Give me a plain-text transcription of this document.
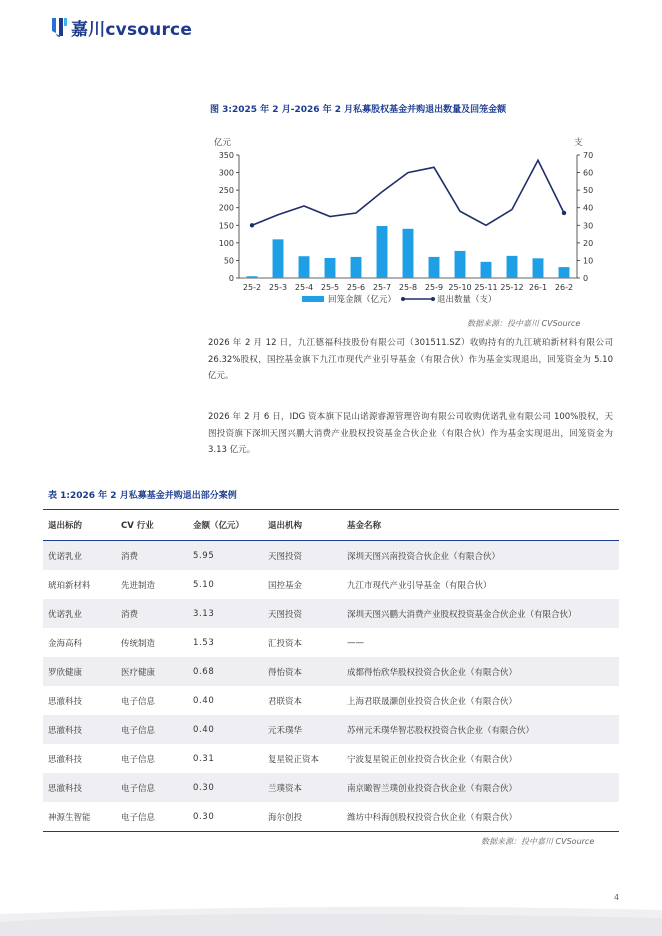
嘉川cvsource
图 3:2025 年 2 月-2026 年 2 月私募股权基金并购退出数量及回笼金额
亿元	支
0
50
100
150
200
250
300
350
0
10
20
30
40
50
60
70
25-2 25-3 25-4 25-5 25-6 25-7 25-8 25-9 25-10 25-11 25-12 26-1 26-2
回笼金额（亿元）	退出数量（支）
数据来源：投中嘉川 CVSource
2026 年 2 月 12 日，九江德福科技股份有限公司（301511.SZ）收购持有的九江琥珀新材料有限公司 26.32%股权，国控基金旗下九江市现代产业引导基金（有限合伙）作为基金实现退出，回笼资金为 5.10 亿元。
2026 年 2 月 6 日，IDG 资本旗下昆山诺源睿源管理咨询有限公司收购优诺乳业有限公司 100%股权，天图投资旗下深圳天图兴鹏大消费产业股权投资基金合伙企业（有限合伙）作为基金实现退出，回笼资金为 3.13 亿元。
表 1:2026 年 2 月私募基金并购退出部分案例
退出标的	CV 行业	金额（亿元）	退出机构	基金名称
优诺乳业	消费	5.95	天图投资	深圳天图兴南投资合伙企业（有限合伙）
琥珀新材料	先进制造	5.10	国控基金	九江市现代产业引导基金（有限合伙）
优诺乳业	消费	3.13	天图投资	深圳天图兴鹏大消费产业股权投资基金合伙企业（有限合伙）
金海高科	传统制造	1.53	汇投资本	——
罗欣健康	医疗健康	0.68	得怡资本	成都得怡欣华股权投资合伙企业（有限合伙）
思澈科技	电子信息	0.40	君联资本	上海君联晟灏创业投资合伙企业（有限合伙）
思澈科技	电子信息	0.40	元禾璞华	苏州元禾璞华智芯股权投资合伙企业（有限合伙）
思澈科技	电子信息	0.31	复星锐正资本	宁波复星锐正创业投资合伙企业（有限合伙）
思澈科技	电子信息	0.30	兰璞资本	南京瞰智兰璞创业投资合伙企业（有限合伙）
神源生智能	电子信息	0.30	海尔创投	潍坊中科海创股权投资合伙企业（有限合伙）
数据来源：投中嘉川 CVSource
4
